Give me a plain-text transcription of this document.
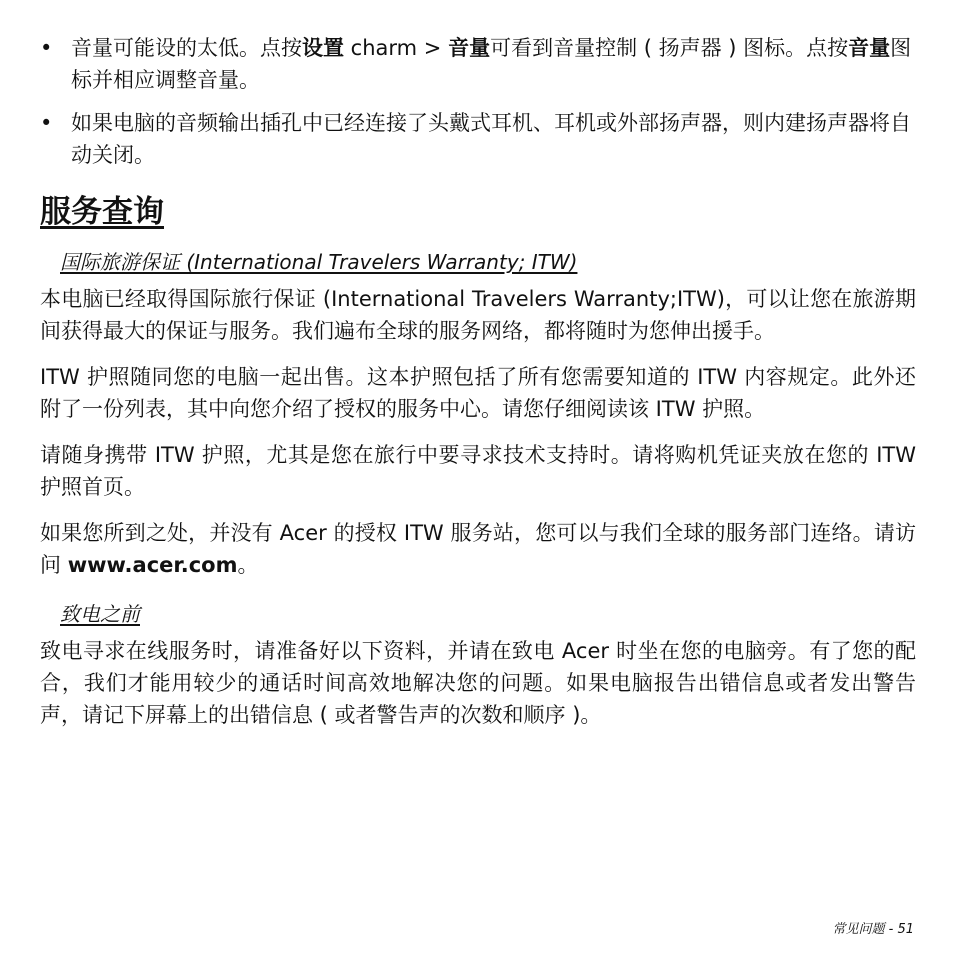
• 音量可能设的太低。点按设置 charm > 音量可看到音量控制 ( 扬声器 ) 图标。点按音量图标并相应调整音量。
• 如果电脑的音频输出插孔中已经连接了头戴式耳机、耳机或外部扬声器，则内建扬声器将自动关闭。
服务查询
国际旅游保证 (International Travelers Warranty; ITW)

本电脑已经取得国际旅行保证 (International Travelers Warranty;ITW)，可以让您在旅游期间获得最大的保证与服务。我们遍布全球的服务网络，都将随时为您伸出援手。

ITW 护照随同您的电脑一起出售。这本护照包括了所有您需要知道的 ITW 内容规定。此外还附了一份列表，其中向您介绍了授权的服务中心。请您仔细阅读该 ITW 护照。

请随身携带 ITW 护照，尤其是您在旅行中要寻求技术支持时。请将购机凭证夹放在您的 ITW 护照首页。

如果您所到之处，并没有 Acer 的授权 ITW 服务站，您可以与我们全球的服务部门连络。请访问 www.acer.com。

致电之前

致电寻求在线服务时，请准备好以下资料，并请在致电 Acer 时坐在您的电脑旁。有了您的配合，我们才能用较少的通话时间高效地解决您的问题。如果电脑报告出错信息或者发出警告声，请记下屏幕上的出错信息 ( 或者警告声的次数和顺序 )。

常见问题 - 51
